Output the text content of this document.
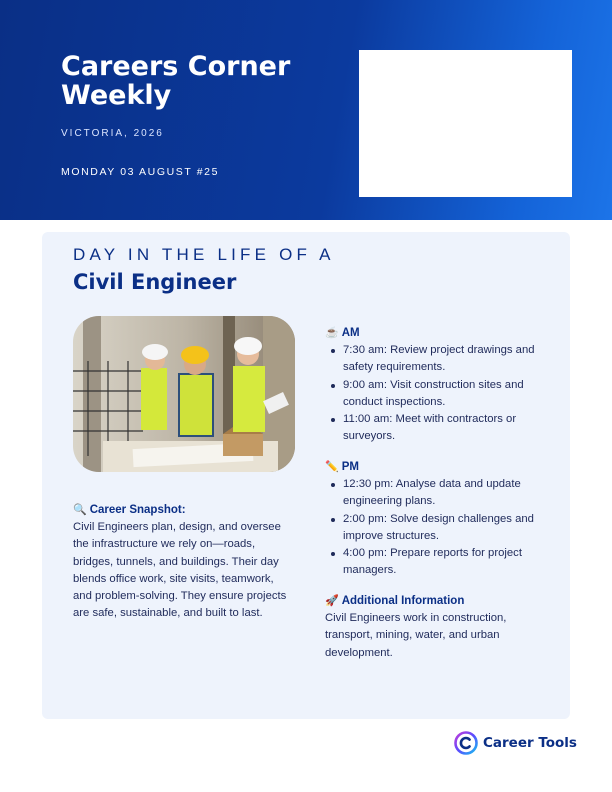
Careers Corner Weekly
VICTORIA, 2026
MONDAY 03 AUGUST #25
DAY IN THE LIFE OF A
Civil Engineer
🔍 Career Snapshot:

Civil Engineers plan, design, and oversee the infrastructure we rely on—roads, bridges, tunnels, and buildings. Their day blends office work, site visits, teamwork, and problem-solving. They ensure projects are safe, sustainable, and built to last.

☕ AM
7:30 am: Review project drawings and safety requirements.
9:00 am: Visit construction sites and conduct inspections.
11:00 am: Meet with contractors or surveyors.
✏️ PM
12:30 pm: Analyse data and update engineering plans.
2:00 pm: Solve design challenges and improve structures.
4:00 pm: Prepare reports for project managers.
🚀 Additional Information

Civil Engineers work in construction, transport, mining, water, and urban development.

Career Tools
